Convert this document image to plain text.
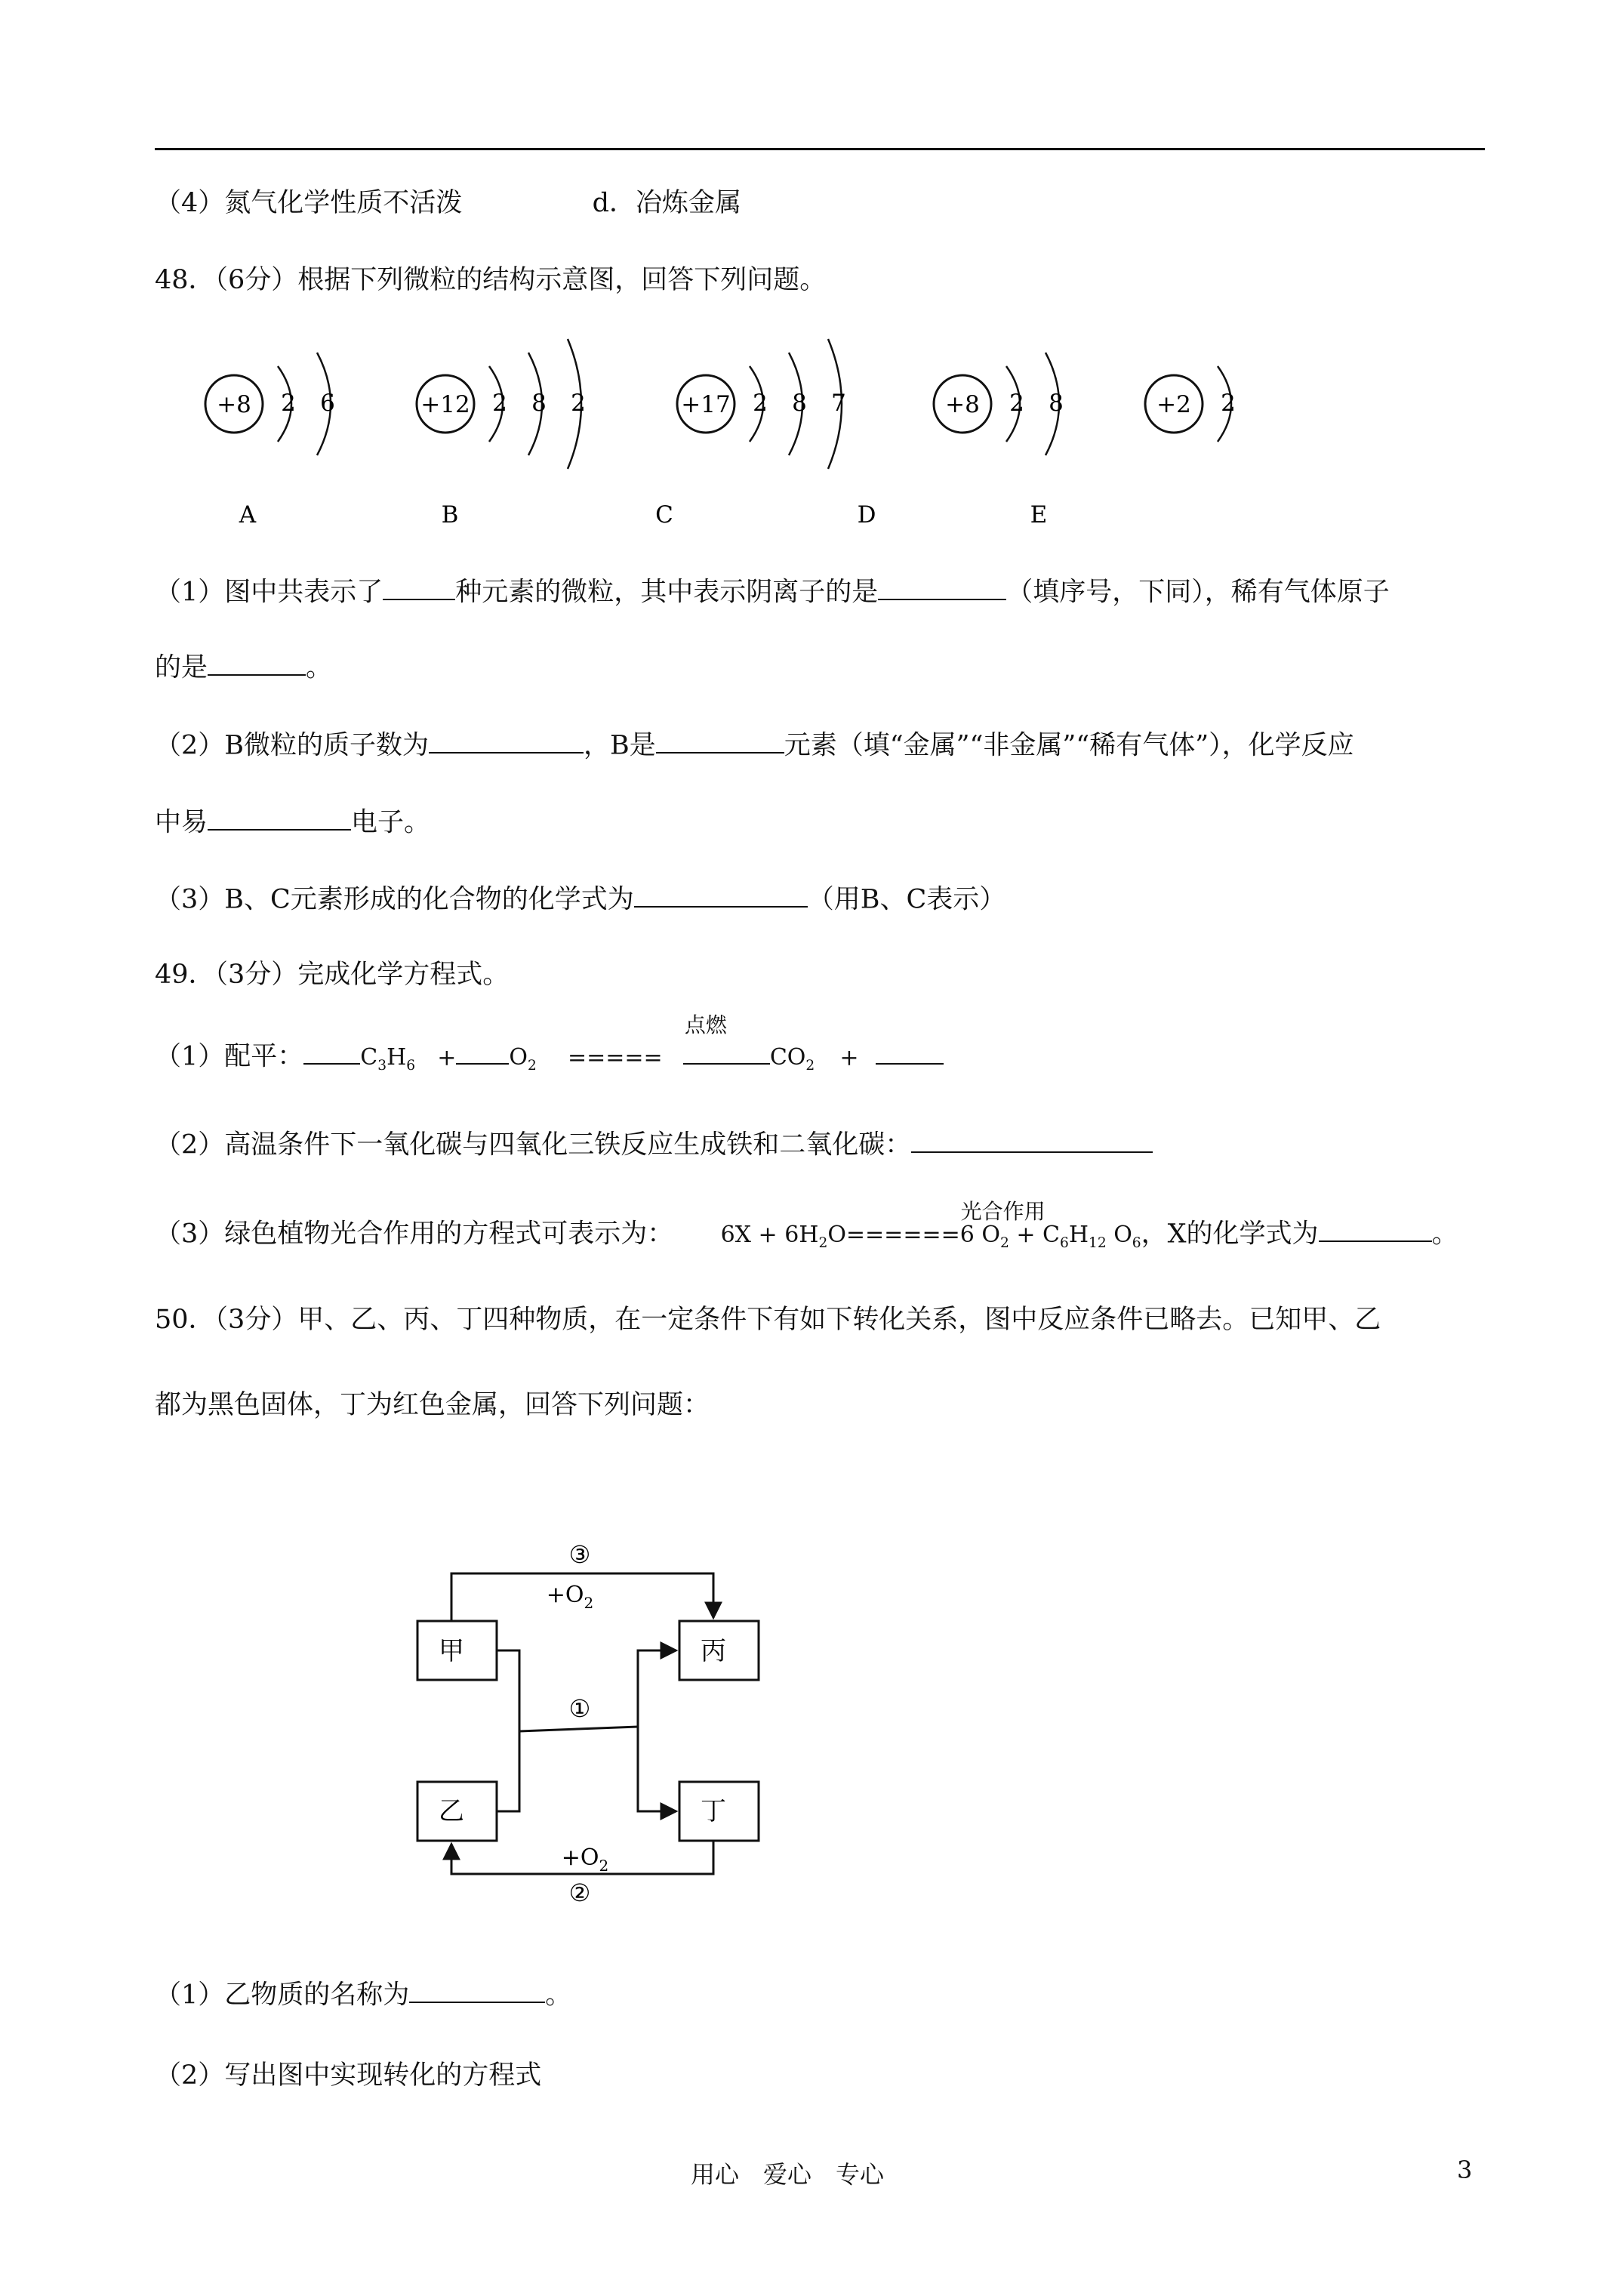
（4）氮气化学性质不活泼	d．冶炼金属
48．（6分）根据下列微粒的结构示意图，回答下列问题。
+8 2 6
A
+12 2 8 2
B
+17 2 8 7
C
+8 2 8
D
+2 2
E
（1）图中共表示了	种元素的微粒，其中表示阴离子的是	（填序号，下同），稀有气体原子
的是	。
（2）B微粒的质子数为	，B是	元素（填“金属”“非金属”“稀有气体”），化学反应
中易	电子。
（3）B、C元素形成的化合物的化学式为	（用B、C表示）
49．（3分）完成化学方程式。
（1）配平：	$C_3H_6 + O_2$ =====
点燃
$CO_2$ +
（2）高温条件下一氧化碳与四氧化三铁反应生成铁和二氧化碳：
（3）绿色植物光合作用的方程式可表示为：
光合作用
$6X + 6H_2O======6$ $O_2 + C_6H_{12}$ $O_6$，X的化学式为	。
50．（3分）甲、乙、丙、丁四种物质，在一定条件下有如下转化关系，图中反应条件已略去。已知甲、乙
都为黑色固体，丁为红色金属，回答下列问题：
甲	丙
乙	丁
③
$+O_2$
①
$+O_2$
②
（1）乙物质的名称为	。
（2）写出图中实现转化的方程式
用心　爱心　专心	3
